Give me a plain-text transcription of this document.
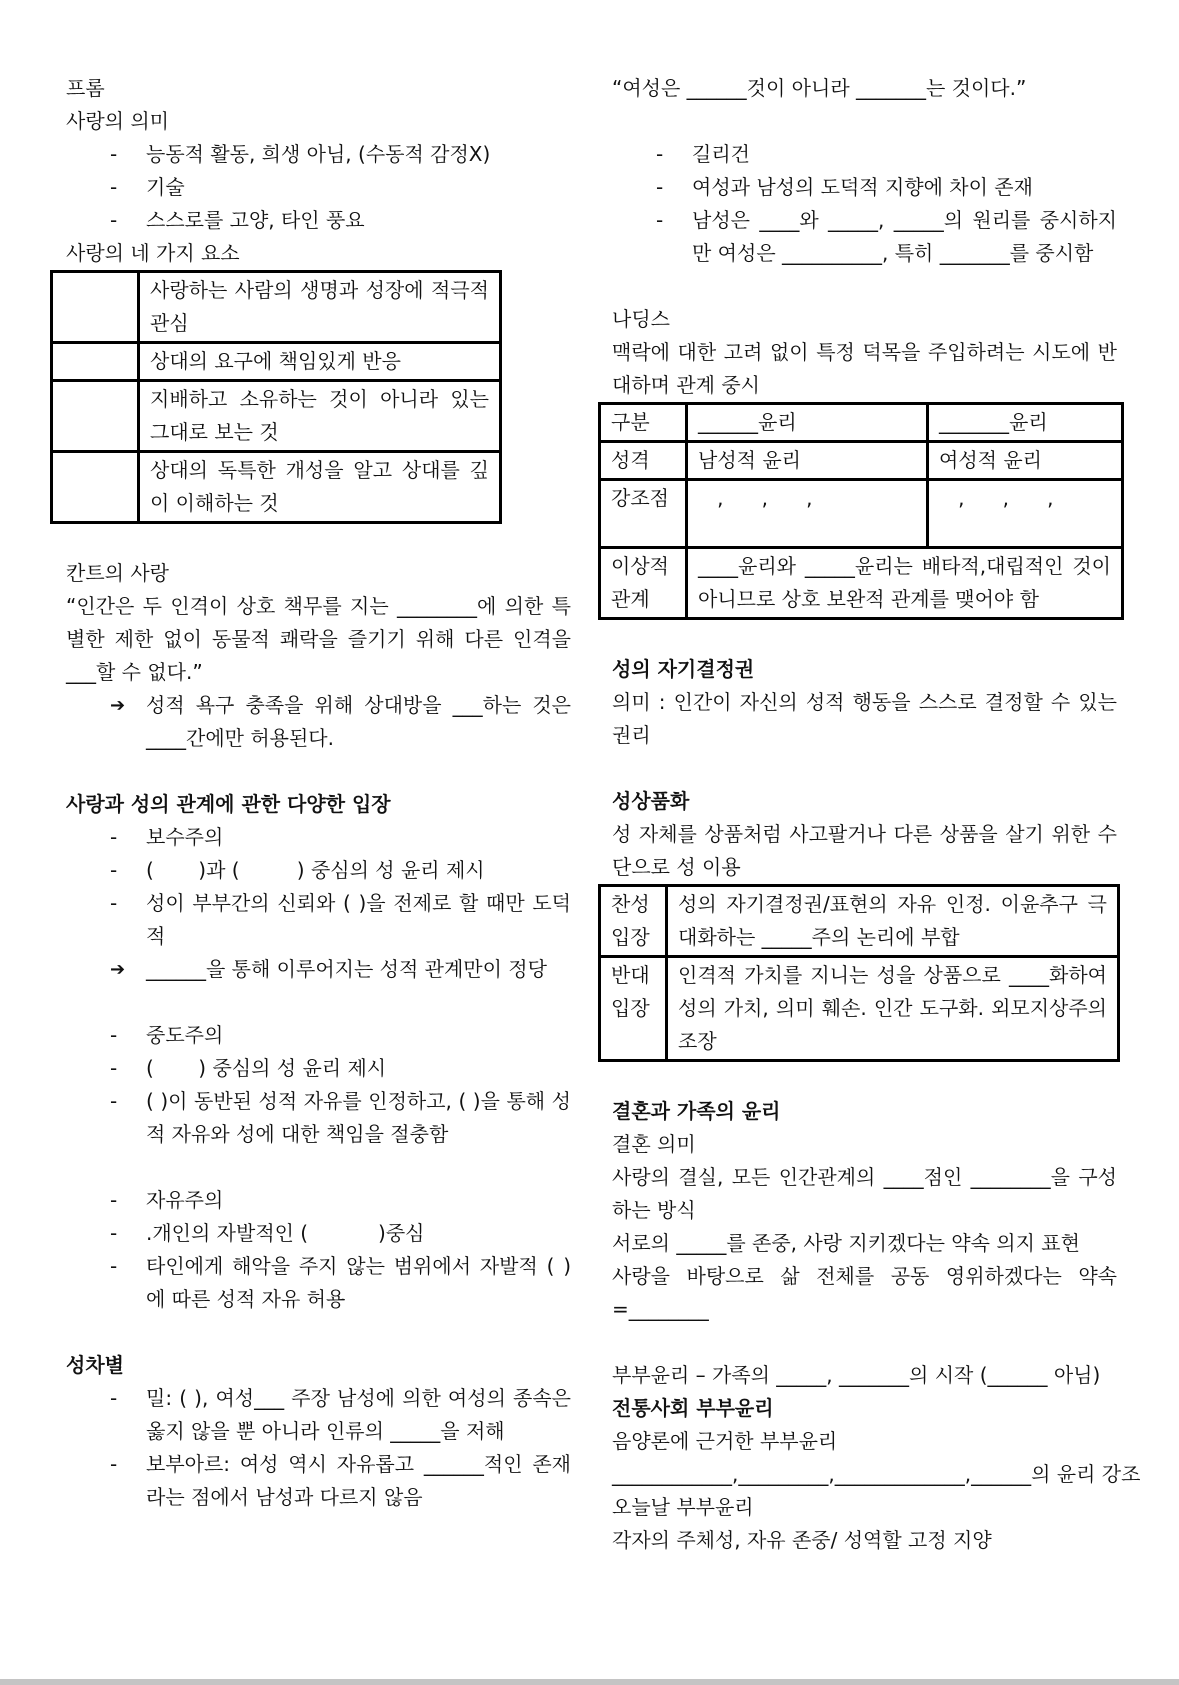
프롬
사랑의 의미
- 능동적 활동, 희생 아님, (수동적 감정X)
- 기술
- 스스로를 고양, 타인 풍요
사랑의 네 가지 요소
	사랑하는 사람의 생명과 성장에 적극적 관심
	상대의 요구에 책임있게 반응
	지배하고 소유하는 것이 아니라 있는 그대로 보는 것
	상대의 독특한 개성을 알고 상대를 깊이 이해하는 것
칸트의 사랑
“인간은 두 인격이 상호 책무를 지는 ________에 의한 특별한 제한 없이 동물적 쾌락을 즐기기 위해 다른 인격을 ___할 수 없다.”
➔ 성적 욕구 충족을 위해 상대방을 ___하는 것은 ____간에만 허용된다.
사랑과 성의 관계에 관한 다양한 입장
- 보수주의
- (       )과 (         ) 중심의 성 윤리 제시
- 성이 부부간의 신뢰와 ( )을 전제로 할 때만 도덕적
➔ ______을 통해 이루어지는 성적 관계만이 정당
- 중도주의
- (       ) 중심의 성 윤리 제시
- ( )이 동반된 성적 자유를 인정하고, ( )을 통해 성적 자유와 성에 대한 책임을 절충함
- 자유주의
- .개인의 자발적인 (           )중심
- 타인에게 해악을 주지 않는 범위에서 자발적 ( )에 따른 성적 자유 허용
성차별
- 밀: ( ), 여성___ 주장 남성에 의한 여성의 종속은 옳지 않을 뿐 아니라 인류의 _____을 저해
- 보부아르: 여성 역시 자유롭고 ______적인 존재라는 점에서 남성과 다르지 않음
“여성은 ______것이 아니라 _______는 것이다.”
- 길리건
- 여성과 남성의 도덕적 지향에 차이 존재
- 남성은 ____와 _____, _____의 원리를 중시하지만 여성은 __________, 특히 _______를 중시함
나딩스
맥락에 대한 고려 없이 특정 덕목을 주입하려는 시도에 반대하며 관계 중시
구분	______윤리	_______윤리
성격	남성적 윤리	여성적 윤리
강조점	,      ,      ,	,      ,      ,
이상적 관계	____윤리와 _____윤리는 배타적,대립적인 것이 아니므로 상호 보완적 관계를 맺어야 함	
성의 자기결정권
의미 : 인간이 자신의 성적 행동을 스스로 결정할 수 있는 권리
성상품화
성 자체를 상품처럼 사고팔거나 다른 상품을 살기 위한 수단으로 성 이용
찬성 입장	성의 자기결정권/표현의 자유 인정. 이윤추구 극대화하는 _____주의 논리에 부합
반대 입장	인격적 가치를 지니는 성을 상품으로 ____화하여 성의 가치, 의미 훼손. 인간 도구화. 외모지상주의 조장
결혼과 가족의 윤리
결혼 의미
사랑의 결실, 모든 인간관계의 ____점인 ________을 구성하는 방식
서로의 _____를 존중, 사랑 지키겠다는 약속 의지 표현
사랑을 바탕으로 삶 전체를 공동 영위하겠다는 약속
=________
부부윤리 – 가족의 _____, _______의 시작 (______ 아님)
전통사회 부부윤리
음양론에 근거한 부부윤리
____________,_________,_____________,______의 윤리 강조
오늘날 부부윤리
각자의 주체성, 자유 존중/ 성역할 고정 지양
